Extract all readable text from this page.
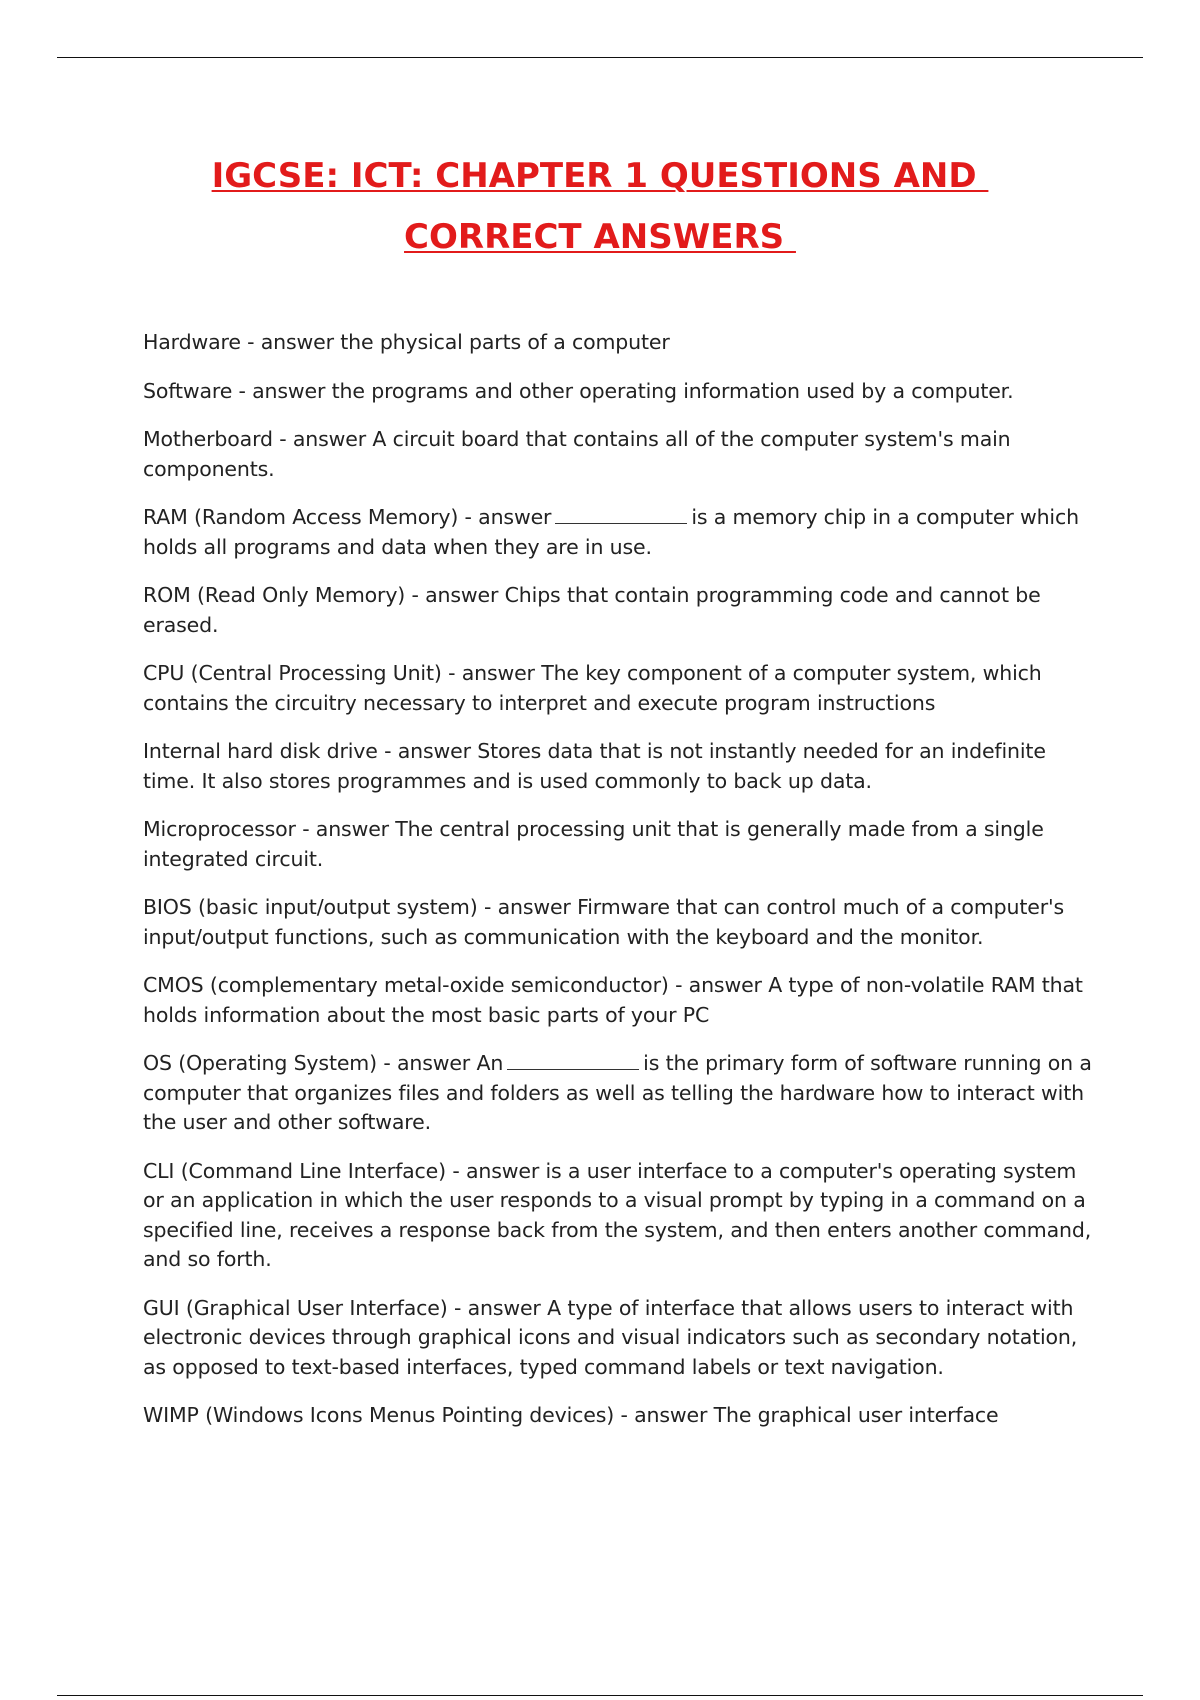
IGCSE: ICT: CHAPTER 1 QUESTIONS AND
CORRECT ANSWERS
Hardware - answer the physical parts of a computer
Software - answer the programs and other operating information used by a computer.
Motherboard - answer A circuit board that contains all of the computer system's main components.
RAM (Random Access Memory) - answer	is a memory chip in a computer which holds all programs and data when they are in use.
ROM (Read Only Memory) - answer Chips that contain programming code and cannot be erased.
CPU (Central Processing Unit) - answer The key component of a computer system, which contains the circuitry necessary to interpret and execute program instructions
Internal hard disk drive - answer Stores data that is not instantly needed for an indefinite time. It also stores programmes and is used commonly to back up data.
Microprocessor - answer The central processing unit that is generally made from a single integrated circuit.
BIOS (basic input/output system) - answer Firmware that can control much of a computer's input/output functions, such as communication with the keyboard and the monitor.
CMOS (complementary metal-oxide semiconductor) - answer A type of non-volatile RAM that holds information about the most basic parts of your PC
OS (Operating System) - answer An	is the primary form of software running on a computer that organizes files and folders as well as telling the hardware how to interact with the user and other software.
CLI (Command Line Interface) - answer is a user interface to a computer's operating system or an application in which the user responds to a visual prompt by typing in a command on a specified line, receives a response back from the system, and then enters another command, and so forth.
GUI (Graphical User Interface) - answer A type of interface that allows users to interact with electronic devices through graphical icons and visual indicators such as secondary notation, as opposed to text-based interfaces, typed command labels or text navigation.
WIMP (Windows Icons Menus Pointing devices) - answer The graphical user interface
